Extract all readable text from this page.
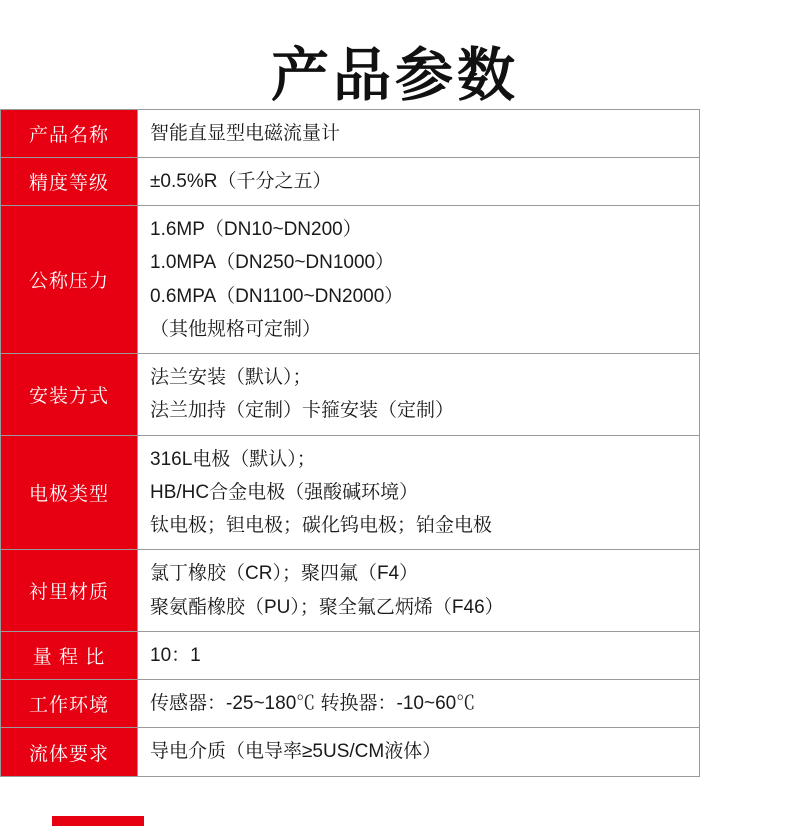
产品参数
产品名称	智能直显型电磁流量计

精度等级	±0.5%R（千分之五）

公称压力	1.6MP（DN10~DN200）
1.0MPA（DN250~DN1000）
0.6MPA（DN1100~DN2000）
（其他规格可定制）

安装方式	法兰安装（默认）；
法兰加持（定制）卡箍安装（定制）

电极类型	316L电极（默认）；
HB/HC合金电极（强酸碱环境）
钛电极；钽电极；碳化钨电极；铂金电极

衬里材质	氯丁橡胶（CR）；聚四氟（F4）
聚氨酯橡胶（PU）；聚全氟乙炳烯（F46）

量 程 比	10：1

工作环境	传感器：-25~180℃ 转换器：-10~60℃

流体要求	导电介质（电导率≥5US/CM液体）
